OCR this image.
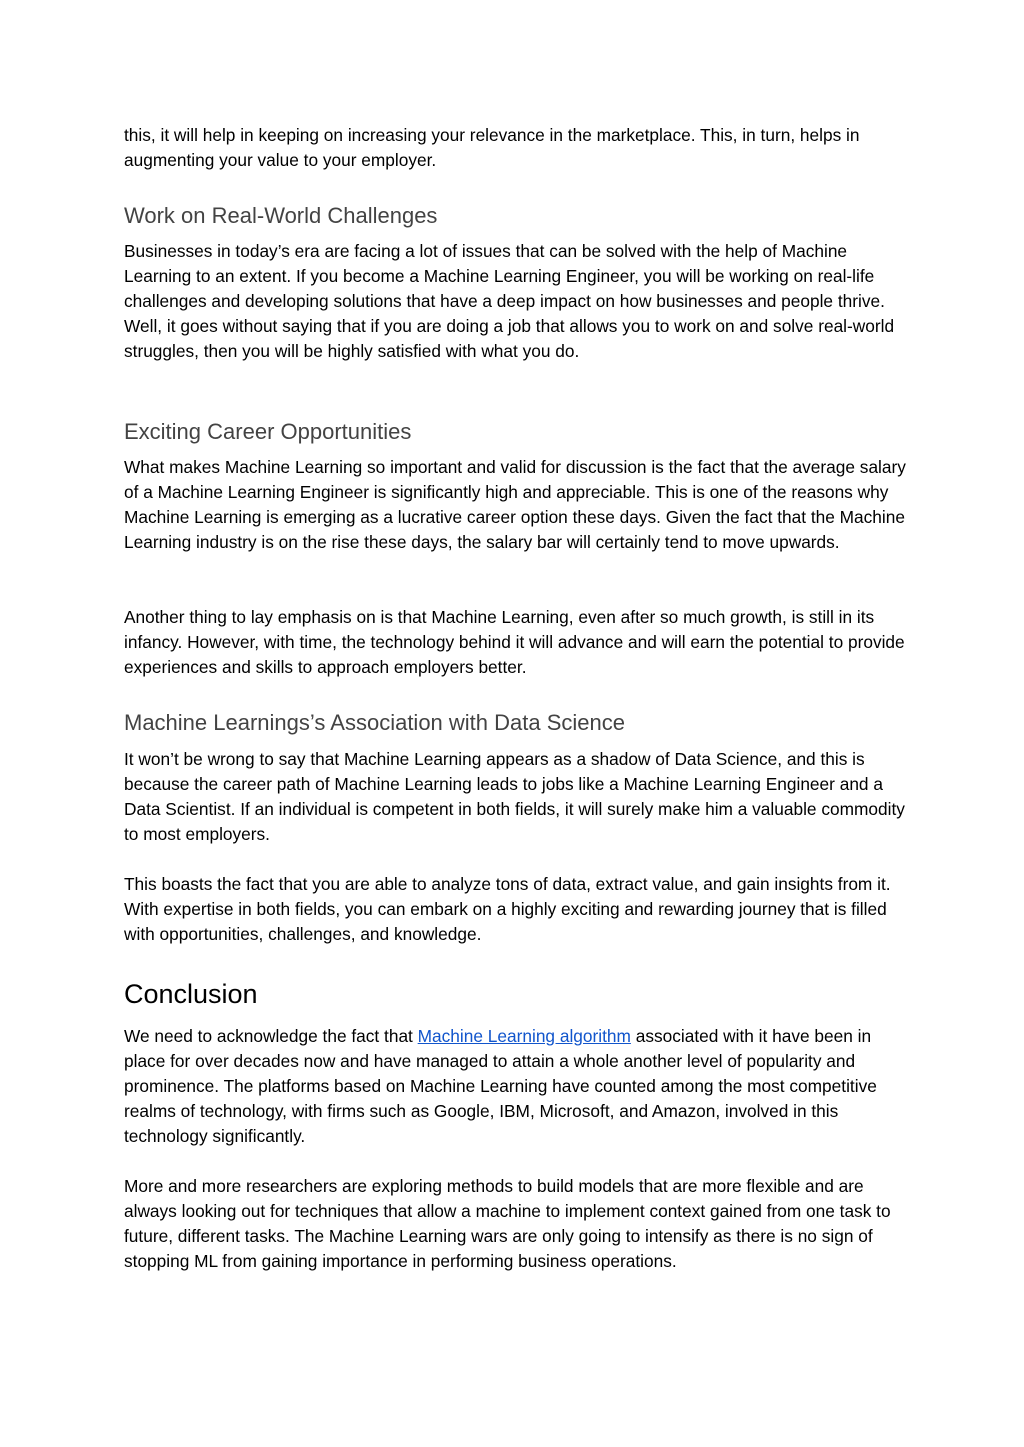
this, it will help in keeping on increasing your relevance in the marketplace. This, in turn, helps in augmenting your value to your employer.

Work on Real-World Challenges

Businesses in today’s era are facing a lot of issues that can be solved with the help of Machine Learning to an extent. If you become a Machine Learning Engineer, you will be working on real-life challenges and developing solutions that have a deep impact on how businesses and people thrive. Well, it goes without saying that if you are doing a job that allows you to work on and solve real-world struggles, then you will be highly satisfied with what you do.

Exciting Career Opportunities

What makes Machine Learning so important and valid for discussion is the fact that the average salary of a Machine Learning Engineer is significantly high and appreciable. This is one of the reasons why Machine Learning is emerging as a lucrative career option these days. Given the fact that the Machine Learning industry is on the rise these days, the salary bar will certainly tend to move upwards.

Another thing to lay emphasis on is that Machine Learning, even after so much growth, is still in its infancy. However, with time, the technology behind it will advance and will earn the potential to provide experiences and skills to approach employers better.

Machine Learnings’s Association with Data Science

It won’t be wrong to say that Machine Learning appears as a shadow of Data Science, and this is because the career path of Machine Learning leads to jobs like a Machine Learning Engineer and a Data Scientist. If an individual is competent in both fields, it will surely make him a valuable commodity to most employers.

This boasts the fact that you are able to analyze tons of data, extract value, and gain insights from it. With expertise in both fields, you can embark on a highly exciting and rewarding journey that is filled with opportunities, challenges, and knowledge.

Conclusion

We need to acknowledge the fact that Machine Learning algorithm associated with it have been in place for over decades now and have managed to attain a whole another level of popularity and prominence. The platforms based on Machine Learning have counted among the most competitive realms of technology, with firms such as Google, IBM, Microsoft, and Amazon, involved in this technology significantly.

More and more researchers are exploring methods to build models that are more flexible and are always looking out for techniques that allow a machine to implement context gained from one task to future, different tasks. The Machine Learning wars are only going to intensify as there is no sign of stopping ML from gaining importance in performing business operations.
